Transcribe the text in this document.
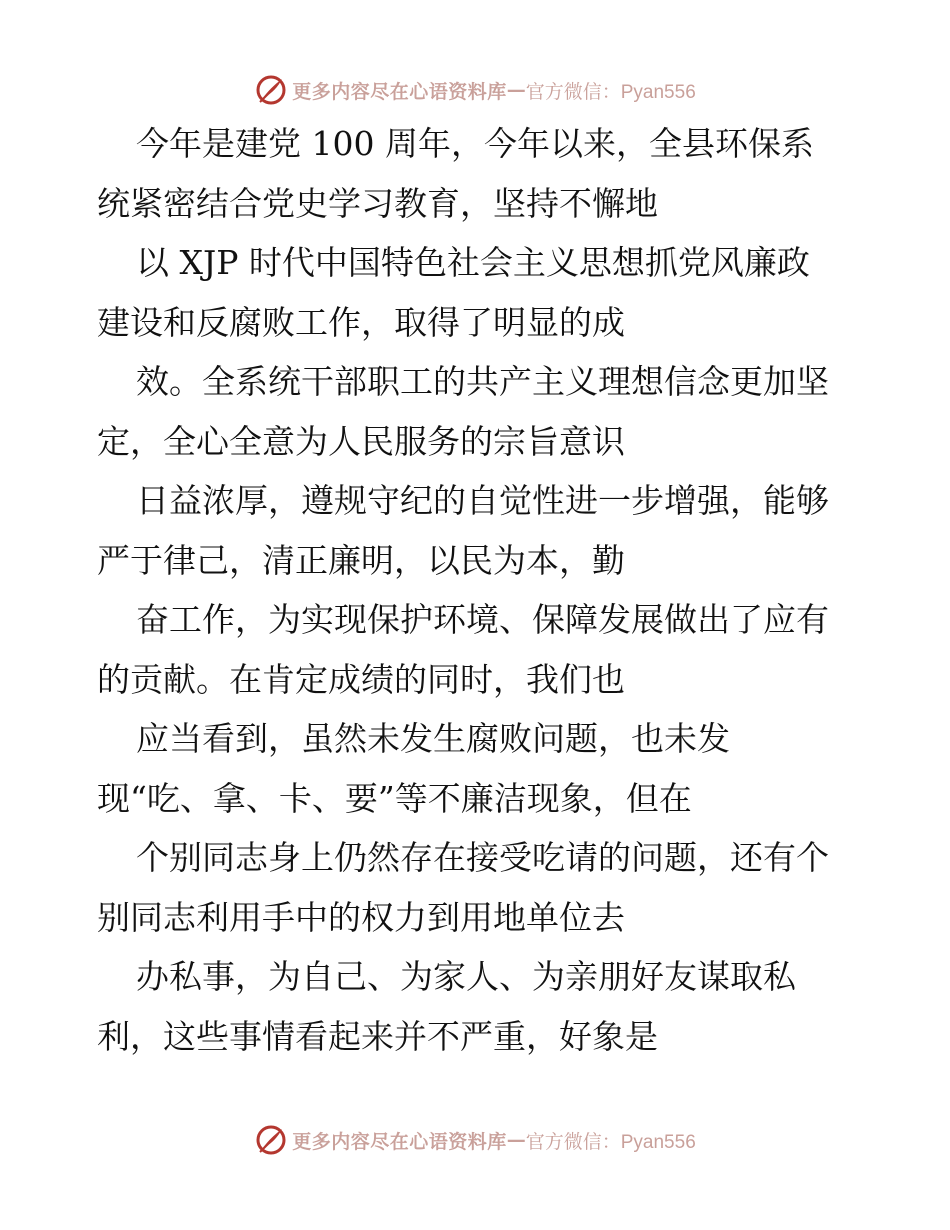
更多内容尽在心语资料库 — 官方微信：Pyan556
今年是建党 100 周年，今年以来，全县环保系
统紧密结合党史学习教育，坚持不懈地
以 XJP 时代中国特色社会主义思想抓党风廉政
建设和反腐败工作，取得了明显的成
效。全系统干部职工的共产主义理想信念更加坚
定，全心全意为人民服务的宗旨意识
日益浓厚，遵规守纪的自觉性进一步增强，能够
严于律己，清正廉明，以民为本，勤
奋工作，为实现保护环境、保障发展做出了应有
的贡献。在肯定成绩的同时，我们也
应当看到，虽然未发生腐败问题，也未发
现“吃、拿、卡、要”等不廉洁现象，但在
个别同志身上仍然存在接受吃请的问题，还有个
别同志利用手中的权力到用地单位去
办私事，为自己、为家人、为亲朋好友谋取私
利，这些事情看起来并不严重，好象是
更多内容尽在心语资料库 — 官方微信：Pyan556
